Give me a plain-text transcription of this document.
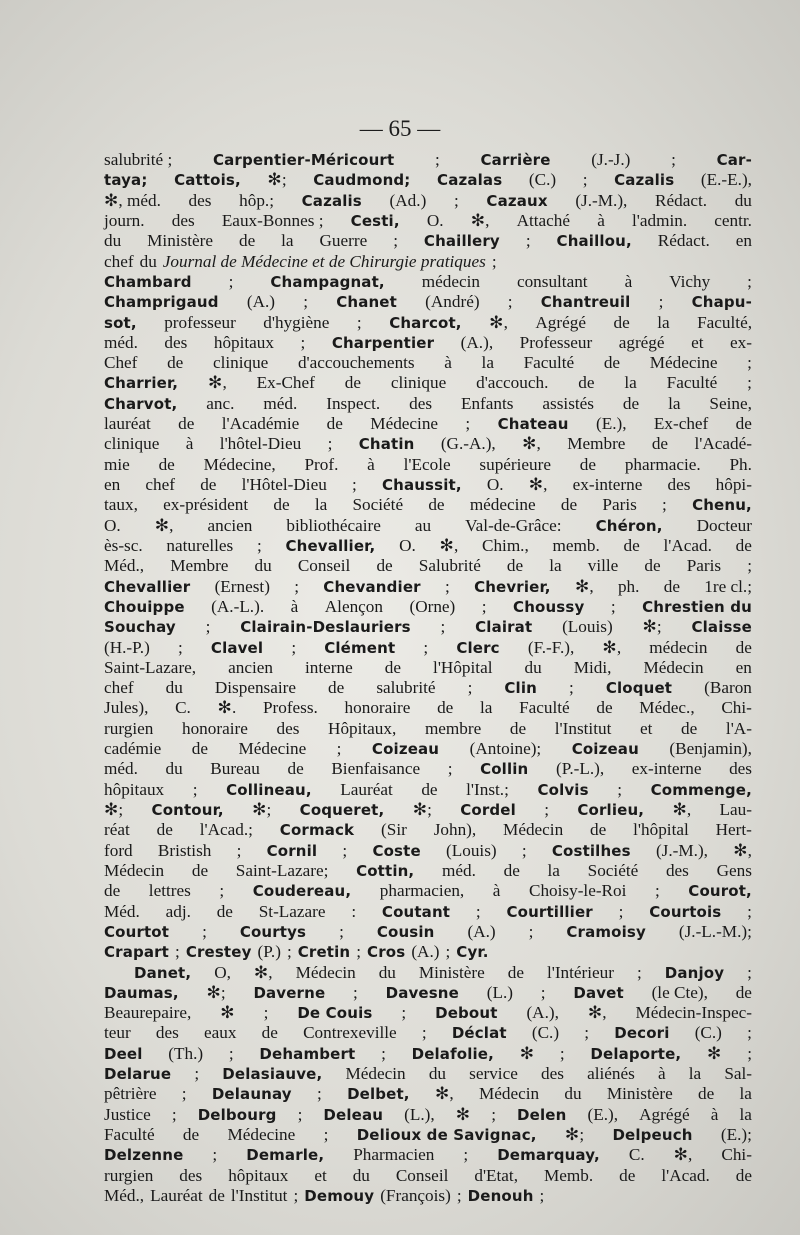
— 65 —
salubrité ;	Carpentier-Méricourt ;	Carrière (J.-J.) ;	Car-
taya; Cattois, ✻; Caudmond; Cazalas (C.) ; Cazalis (E.-E.),
✻, méd. des hôp.; Cazalis (Ad.) ; Cazaux (J.-M.), Rédact. du
journ. des Eaux-Bonnes ; Cesti, O. ✻, Attaché à l'admin. centr.
du Ministère de la Guerre ; Chaillery ; Chaillou, Rédact. en
chef du Journal de Médecine et de Chirurgie pratiques ;
Chambard ; Champagnat, médecin consultant à Vichy ;
Champrigaud (A.) ; Chanet (André) ; Chantreuil ; Chapu-
sot, professeur d'hygiène ; Charcot, ✻, Agrégé de la Faculté,
méd. des hôpitaux ; Charpentier (A.), Professeur agrégé et ex-
Chef de clinique d'accouchements à la Faculté de Médecine ;
Charrier, ✻, Ex-Chef de clinique d'accouch. de la Faculté ;
Charvot, anc. méd. Inspect. des Enfants assistés de la Seine,
lauréat de l'Académie de Médecine ; Chateau (E.), Ex-chef de
clinique à l'hôtel-Dieu ; Chatin (G.-A.), ✻, Membre de l'Acadé-
mie de Médecine, Prof. à l'Ecole supérieure de pharmacie. Ph.
en chef de l'Hôtel-Dieu ; Chaussit, O. ✻, ex-interne des hôpi-
taux, ex-président de la Société de médecine de Paris ; Chenu,
O. ✻, ancien bibliothécaire au Val-de-Grâce: Chéron, Docteur
ès-sc. naturelles ; Chevallier, O. ✻, Chim., memb. de l'Acad. de
Méd., Membre du Conseil de Salubrité de la ville de Paris ;
Chevallier (Ernest) ; Chevandier ; Chevrier, ✻, ph. de 1re cl.;
Chouippe (A.-L.). à Alençon (Orne) ; Choussy ; Chrestien du
Souchay ; Clairain-Deslauriers ; Clairat (Louis) ✻; Claisse
(H.-P.) ; Clavel ; Clément ; Clerc (F.-F.), ✻, médecin de
Saint-Lazare, ancien interne de l'Hôpital du Midi, Médecin en
chef du Dispensaire de salubrité ; Clin ; Cloquet (Baron
Jules), C. ✻. Profess. honoraire de la Faculté de Médec., Chi-
rurgien honoraire des Hôpitaux, membre de l'Institut et de l'A-
cadémie de Médecine ; Coizeau (Antoine); Coizeau (Benjamin),
méd. du Bureau de Bienfaisance ; Collin (P.-L.), ex-interne des
hôpitaux ; Collineau, Lauréat de l'Inst.; Colvis ; Commenge,
✻; Contour, ✻; Coqueret, ✻; Cordel ; Corlieu, ✻, Lau-
réat de l'Acad.; Cormack (Sir John), Médecin de l'hôpital Hert-
ford Bristish ; Cornil ; Coste (Louis) ; Costilhes (J.-M.), ✻,
Médecin de Saint-Lazare; Cottin, méd. de la Société des Gens
de lettres ; Coudereau, pharmacien, à Choisy-le-Roi ; Courot,
Méd. adj. de St-Lazare : Coutant ; Courtillier ; Courtois ;
Courtot ; Courtys ; Cousin (A.) ; Cramoisy (J.-L.-M.);
Crapart ; Crestey (P.) ; Cretin ; Cros (A.) ; Cyr.
Danet, O, ✻, Médecin du Ministère de l'Intérieur ; Danjoy ;
Daumas, ✻; Daverne ; Davesne (L.) ; Davet (le Cte), de
Beaurepaire, ✻ ; De Couis ; Debout (A.), ✻, Médecin-Inspec-
teur des eaux de Contrexeville ; Déclat (C.) ; Decori (C.) ;
Deel (Th.) ; Dehambert ; Delafolie, ✻ ; Delaporte, ✻ ;
Delarue ; Delasiauve, Médecin du service des aliénés à la Sal-
pêtrière ; Delaunay ; Delbet, ✻, Médecin du Ministère de la
Justice ; Delbourg ; Deleau (L.), ✻ ; Delen (E.), Agrégé à la
Faculté de Médecine ; Delioux de Savignac, ✻; Delpeuch (E.);
Delzenne ; Demarle, Pharmacien ; Demarquay, C. ✻, Chi-
rurgien des hôpitaux et du Conseil d'Etat, Memb. de l'Acad. de
Méd., Lauréat de l'Institut ; Demouy (François) ; Denouh ;
